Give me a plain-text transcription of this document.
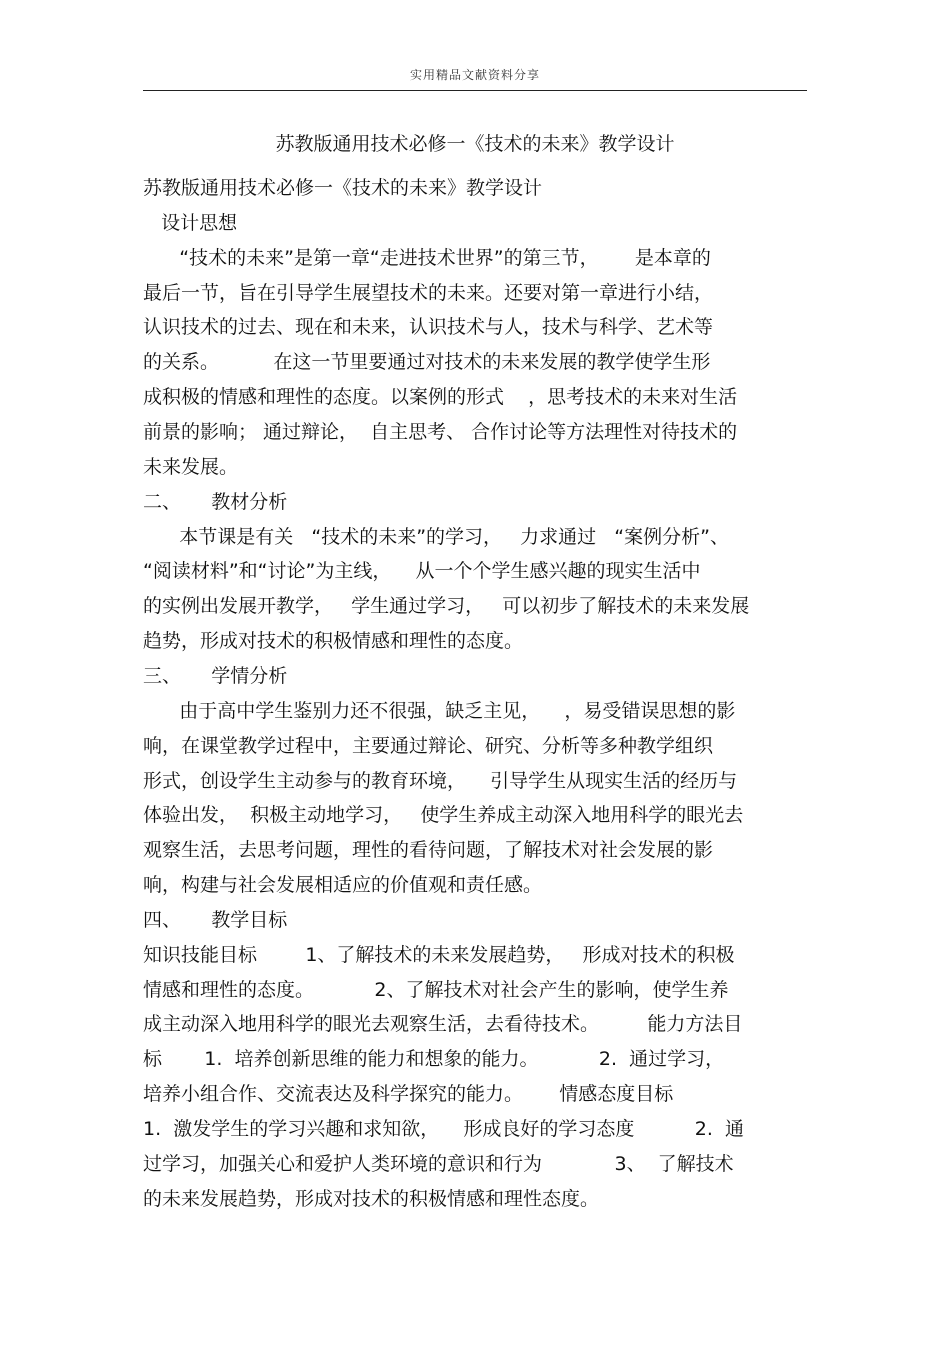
实用精品文献资料分享
苏教版通用技术必修一《技术的未来》教学设计
苏教版通用技术必修一《技术的未来》教学设计
设计思想
“技术的未来”是第一章“走进技术世界”的第三节，      是本章的
最后一节，旨在引导学生展望技术的未来。还要对第一章进行小结，
认识技术的过去、现在和未来，认识技术与人，技术与科学、艺术等
的关系。         在这一节里要通过对技术的未来发展的教学使学生形
成积极的情感和理性的态度。以案例的形式    ，思考技术的未来对生活
前景的影响； 通过辩论，  自主思考、 合作讨论等方法理性对待技术的
未来发展。
二、     教材分析
本节课是有关   “技术的未来”的学习，   力求通过   “案例分析”、
“阅读材料”和“讨论”为主线，    从一个个学生感兴趣的现实生活中
的实例出发展开教学，   学生通过学习，   可以初步了解技术的未来发展
趋势，形成对技术的积极情感和理性的态度。
三、     学情分析
由于高中学生鉴别力还不很强，缺乏主见，    ，易受错误思想的影
响，在课堂教学过程中，主要通过辩论、研究、分析等多种教学组织
形式，创设学生主动参与的教育环境，    引导学生从现实生活的经历与
体验出发，  积极主动地学习，   使学生养成主动深入地用科学的眼光去
观察生活，去思考问题，理性的看待问题，了解技术对社会发展的影
响，构建与社会发展相适应的价值观和责任感。
四、     教学目标
知识技能目标        1、了解技术的未来发展趋势，   形成对技术的积极
情感和理性的态度。          2、了解技术对社会产生的影响，使学生养
成主动深入地用科学的眼光去观察生活，去看待技术。        能力方法目
标       1.  培养创新思维的能力和想象的能力。          2.  通过学习，
培养小组合作、交流表达及科学探究的能力。      情感态度目标
1.  激发学生的学习兴趣和求知欲，    形成良好的学习态度          2.  通
过学习，加强关心和爱护人类环境的意识和行为            3、  了解技术
的未来发展趋势，形成对技术的积极情感和理性态度。
